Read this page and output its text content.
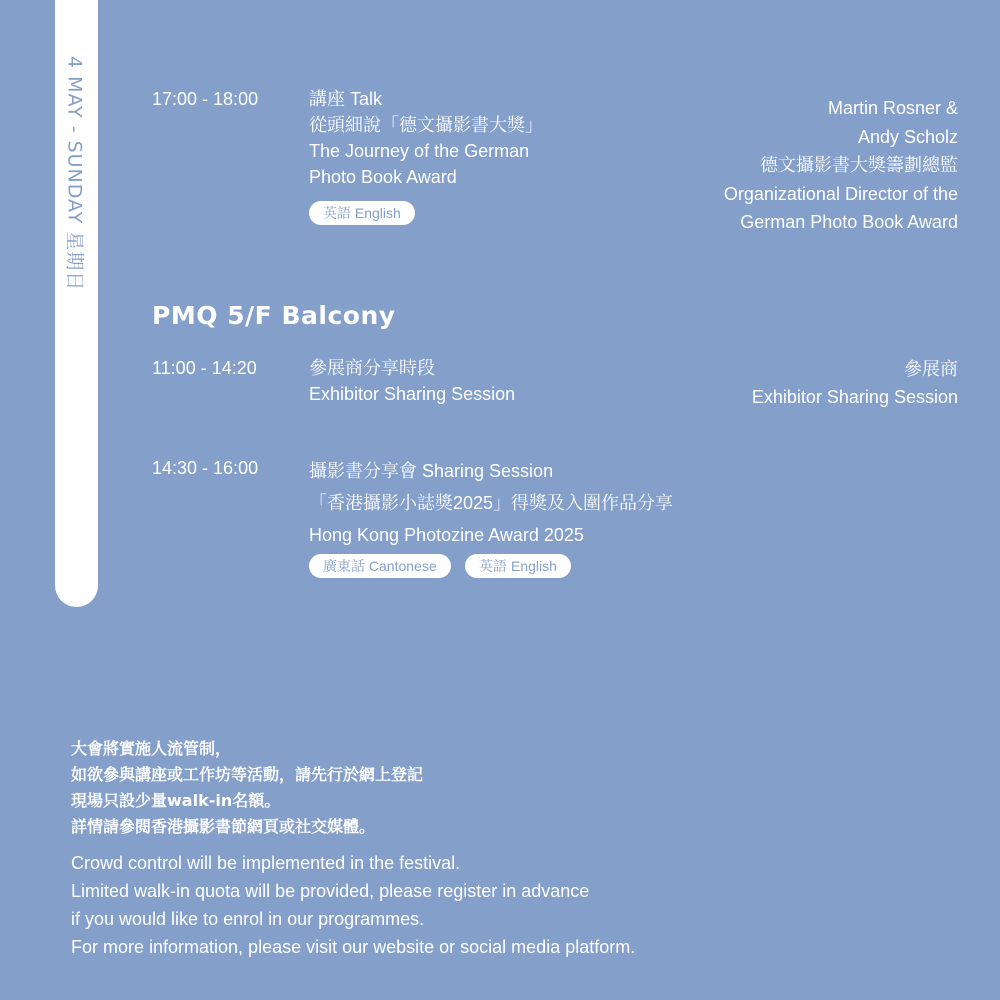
4 MAY - SUNDAY 星期日	17:00 - 18:00	講座 Talk
從頭細說「德文攝影書大獎」
The Journey of the German
Photo Book Award
英語 English
Martin Rosner &
Andy Scholz
德文攝影書大獎籌劃總監
Organizational Director of the
German Photo Book Award
PMQ 5/F Balcony
11:00 - 14:20	參展商分享時段
Exhibitor Sharing Session
參展商
Exhibitor Sharing Session
14:30 - 16:00	攝影書分享會 Sharing Session
「香港攝影小誌獎2025」得獎及入圍作品分享
Hong Kong Photozine Award 2025
廣東話 Cantonese	英語 English
大會將實施人流管制，
如欲參與講座或工作坊等活動，請先行於網上登記
現場只設少量walk-in名額。
詳情請參閱香港攝影書節網頁或社交媒體。
Crowd control will be implemented in the festival.
Limited walk-in quota will be provided, please register in advance
if you would like to enrol in our programmes.
For more information, please visit our website or social media platform.
